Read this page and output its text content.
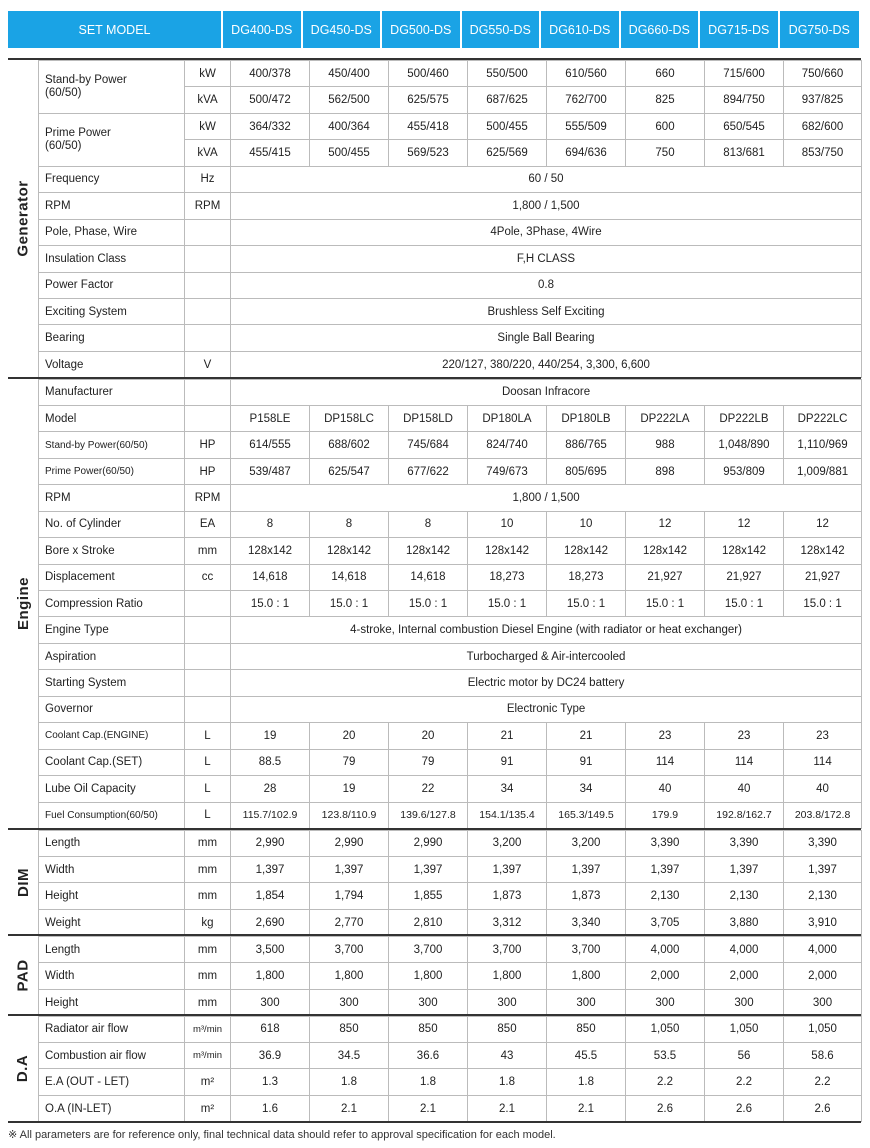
SET MODEL	DG400-DS	DG450-DS	DG500-DS	DG550-DS	DG610-DS	DG660-DS	DG715-DS	DG750-DS
Generator
Stand-by Power
(60/50)	kW	400/378	450/400	500/460	550/500	610/560	660	715/600	750/660
	kVA	500/472	562/500	625/575	687/625	762/700	825	894/750	937/825
Prime Power
(60/50)	kW	364/332	400/364	455/418	500/455	555/509	600	650/545	682/600
	kVA	455/415	500/455	569/523	625/569	694/636	750	813/681	853/750
Frequency	Hz	60 / 50							
RPM	RPM	1,800 / 1,500							
Pole, Phase, Wire		4Pole, 3Phase, 4Wire							
Insulation Class		F,H CLASS							
Power Factor		0.8							
Exciting System		Brushless Self Exciting							
Bearing		Single Ball Bearing							
Voltage	V	220/127, 380/220, 440/254, 3,300, 6,600							
Engine
Manufacturer		Doosan Infracore							
Model		P158LE	DP158LC	DP158LD	DP180LA	DP180LB	DP222LA	DP222LB	DP222LC
Stand-by Power(60/50)	HP	614/555	688/602	745/684	824/740	886/765	988	1,048/890	1,110/969
Prime Power(60/50)	HP	539/487	625/547	677/622	749/673	805/695	898	953/809	1,009/881
RPM	RPM	1,800 / 1,500							
No. of Cylinder	EA	8	8	8	10	10	12	12	12
Bore x Stroke	mm	128x142	128x142	128x142	128x142	128x142	128x142	128x142	128x142
Displacement	cc	14,618	14,618	14,618	18,273	18,273	21,927	21,927	21,927
Compression Ratio		15.0 : 1	15.0 : 1	15.0 : 1	15.0 : 1	15.0 : 1	15.0 : 1	15.0 : 1	15.0 : 1
Engine Type		4-stroke, Internal combustion Diesel Engine (with radiator or heat exchanger)							
Aspiration		Turbocharged & Air-intercooled							
Starting System		Electric motor by DC24 battery							
Governor		Electronic Type							
Coolant Cap.(ENGINE)	L	19	20	20	21	21	23	23	23
Coolant Cap.(SET)	L	88.5	79	79	91	91	114	114	114
Lube Oil Capacity	L	28	19	22	34	34	40	40	40
Fuel Consumption(60/50)	L	115.7/102.9	123.8/110.9	139.6/127.8	154.1/135.4	165.3/149.5	179.9	192.8/162.7	203.8/172.8
DIM
Length	mm	2,990	2,990	2,990	3,200	3,200	3,390	3,390	3,390
Width	mm	1,397	1,397	1,397	1,397	1,397	1,397	1,397	1,397
Height	mm	1,854	1,794	1,855	1,873	1,873	2,130	2,130	2,130
Weight	kg	2,690	2,770	2,810	3,312	3,340	3,705	3,880	3,910
PAD
Length	mm	3,500	3,700	3,700	3,700	3,700	4,000	4,000	4,000
Width	mm	1,800	1,800	1,800	1,800	1,800	2,000	2,000	2,000
Height	mm	300	300	300	300	300	300	300	300
D.A
Radiator air flow	m³/min	618	850	850	850	850	1,050	1,050	1,050
Combustion air flow	m³/min	36.9	34.5	36.6	43	45.5	53.5	56	58.6
E.A (OUT - LET)	m²	1.3	1.8	1.8	1.8	1.8	2.2	2.2	2.2
O.A (IN-LET)	m²	1.6	2.1	2.1	2.1	2.1	2.6	2.6	2.6
※ All parameters are for reference only, final technical data should refer to approval specification for each model.
